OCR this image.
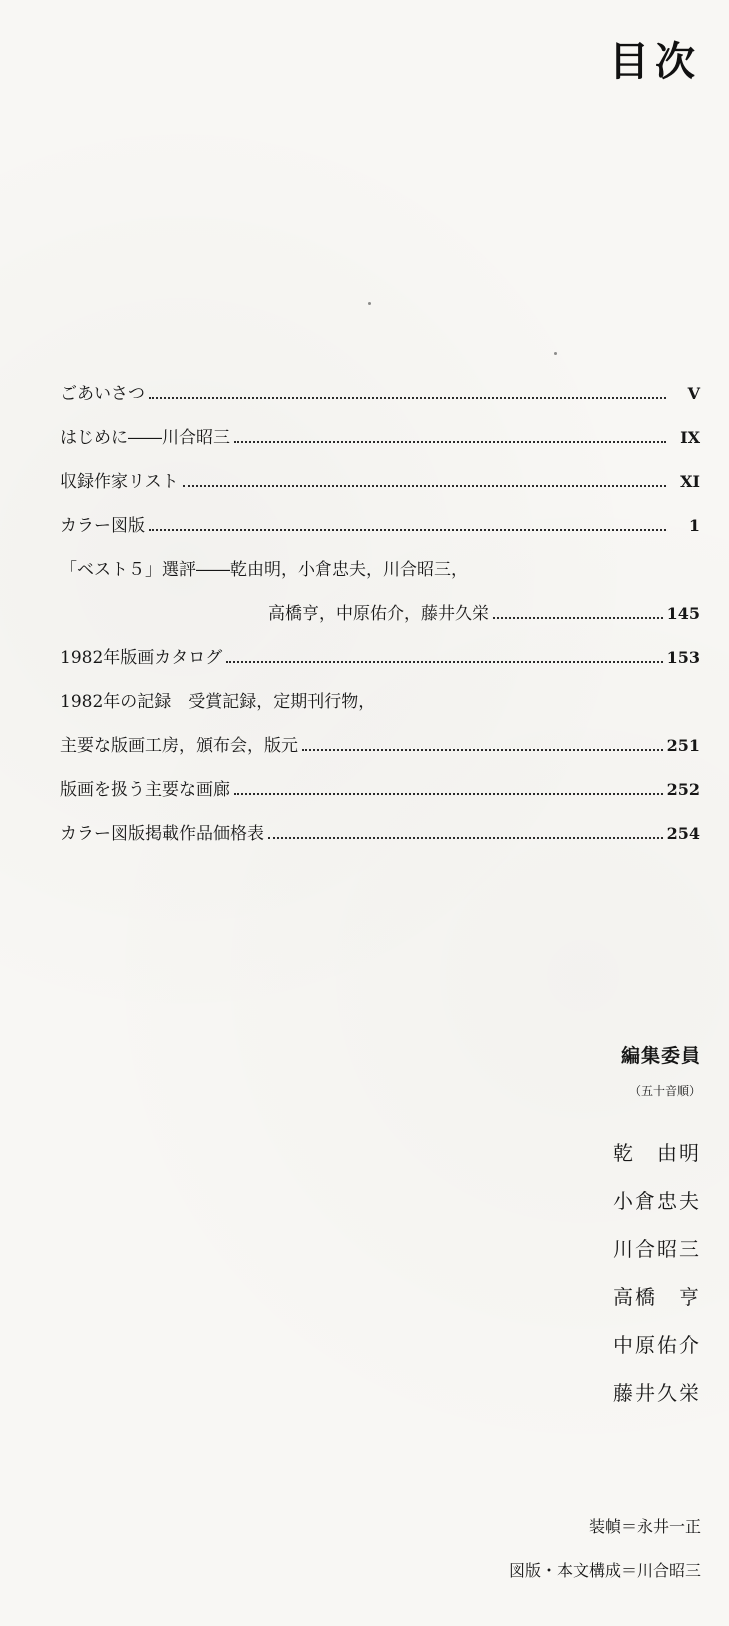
目次
ごあいさつ	V
はじめに――川合昭三	IX
収録作家リスト	XI
カラー図版	1
「ベスト５」選評――乾由明，小倉忠夫，川合昭三，
高橋亨，中原佑介，藤井久栄	145
1982年版画カタログ	153
1982年の記録　受賞記録，定期刊行物，
主要な版画工房，頒布会，版元	251
版画を扱う主要な画廊	252
カラー図版掲載作品価格表	254
編集委員
（五十音順）
乾　由明
小倉忠夫
川合昭三
高橋　亨
中原佑介
藤井久栄
装幀＝永井一正
図版・本文構成＝川合昭三
